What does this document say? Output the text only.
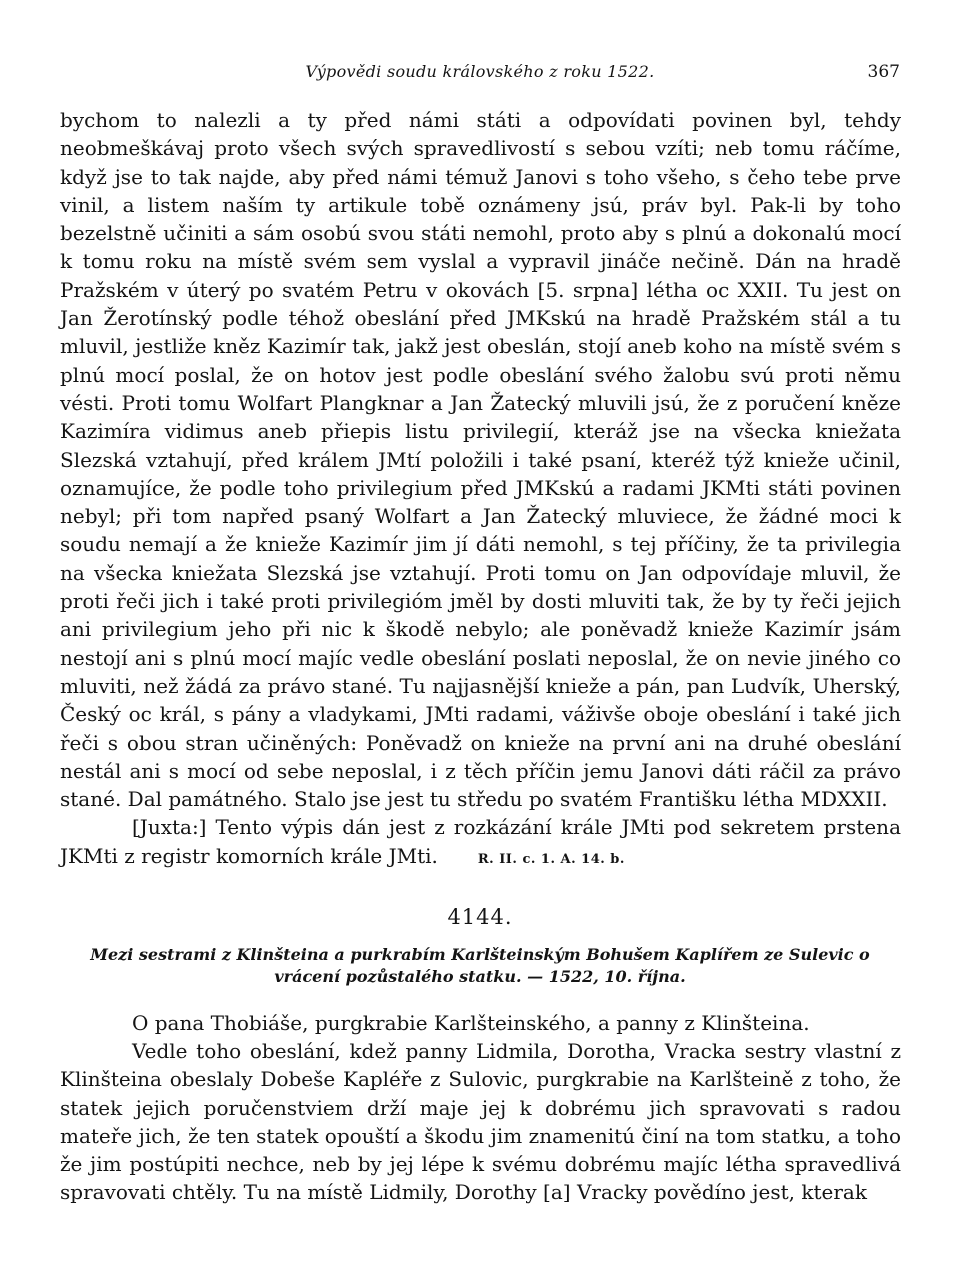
Výpovědi soudu královského z roku 1522.	367

bychom to nalezli a ty před námi státi a odpovídati povinen byl, tehdy neobmeškávaj proto všech svých spravedlivostí s sebou vzíti; neb tomu ráčíme, když jse to tak najde, aby před námi témuž Janovi s toho všeho, s čeho tebe prve vinil, a listem naším ty artikule tobě oznámeny jsú, práv byl. Pak-li by toho bezelstně učiniti a sám osobú svou státi nemohl, proto aby s plnú a dokonalú mocí k tomu roku na místě svém sem vyslal a vypravil jináče nečině. Dán na hradě Pražském v úterý po svatém Petru v okovách [5. srpna] létha oc XXII. Tu jest on Jan Žerotínský podle téhož obeslání před JMKskú na hradě Pražském stál a tu mluvil, jestliže kněz Kazimír tak, jakž jest obeslán, stojí aneb koho na místě svém s plnú mocí poslal, že on hotov jest podle obeslání svého žalobu svú proti němu vésti. Proti tomu Wolfart Plangknar a Jan Žatecký mluvili jsú, že z poručení kněze Kazimíra vidimus aneb přiepis listu privilegií, kteráž jse na všecka kniežata Slezská vztahují, před králem JMtí položili i také psaní, kteréž týž knieže učinil, oznamujíce, že podle toho privilegium před JMKskú a radami JKMti státi povinen nebyl; při tom napřed psaný Wolfart a Jan Žatecký mluviece, že žádné moci k soudu nemají a že knieže Kazimír jim jí dáti nemohl, s tej příčiny, že ta privilegia na všecka kniežata Slezská jse vztahují. Proti tomu on Jan odpovídaje mluvil, že proti řeči jich i také proti privilegióm jměl by dosti mluviti tak, že by ty řeči jejich ani privilegium jeho při nic k škodě nebylo; ale poněvadž knieže Kazimír jsám nestojí ani s plnú mocí majíc vedle obeslání poslati neposlal, že on nevie jiného co mluviti, než žádá za právo stané. Tu najjasnější knieže a pán, pan Ludvík, Uherský, Český oc král, s pány a vladykami, JMti radami, váživše oboje obeslání i také jich řeči s obou stran učiněných: Poněvadž on knieže na první ani na druhé obeslání nestál ani s mocí od sebe neposlal, i z těch příčin jemu Janovi dáti ráčil za právo stané. Dal památného. Stalo jse jest tu středu po svatém Františku létha MDXXII.

[Juxta:] Tento výpis dán jest z rozkázání krále JMti pod sekretem prstena JKMti z registr komorních krále JMti.	R. II. c. 1. A. 14. b.

4144.
Mezi sestrami z Klinšteina a purkrabím Karlšteinským Bohušem Kaplířem ze Sulevic o vrácení pozůstalého statku. — 1522, 10. října.

O pana Thobiáše, purgkrabie Karlšteinského, a panny z Klinšteina.

Vedle toho obeslání, kdež panny Lidmila, Dorotha, Vracka sestry vlastní z Klinšteina obeslaly Dobeše Kapléře z Sulovic, purgkrabie na Karlšteině z toho, že statek jejich poručenstviem drží maje jej k dobrému jich spravovati s radou mateře jich, že ten statek opouští a škodu jim znamenitú činí na tom statku, a toho že jim postúpiti nechce, neb by jej lépe k svému dobrému majíc létha spravedlivá spravovati chtěly. Tu na místě Lidmily, Dorothy [a] Vracky povědíno jest, kterak
